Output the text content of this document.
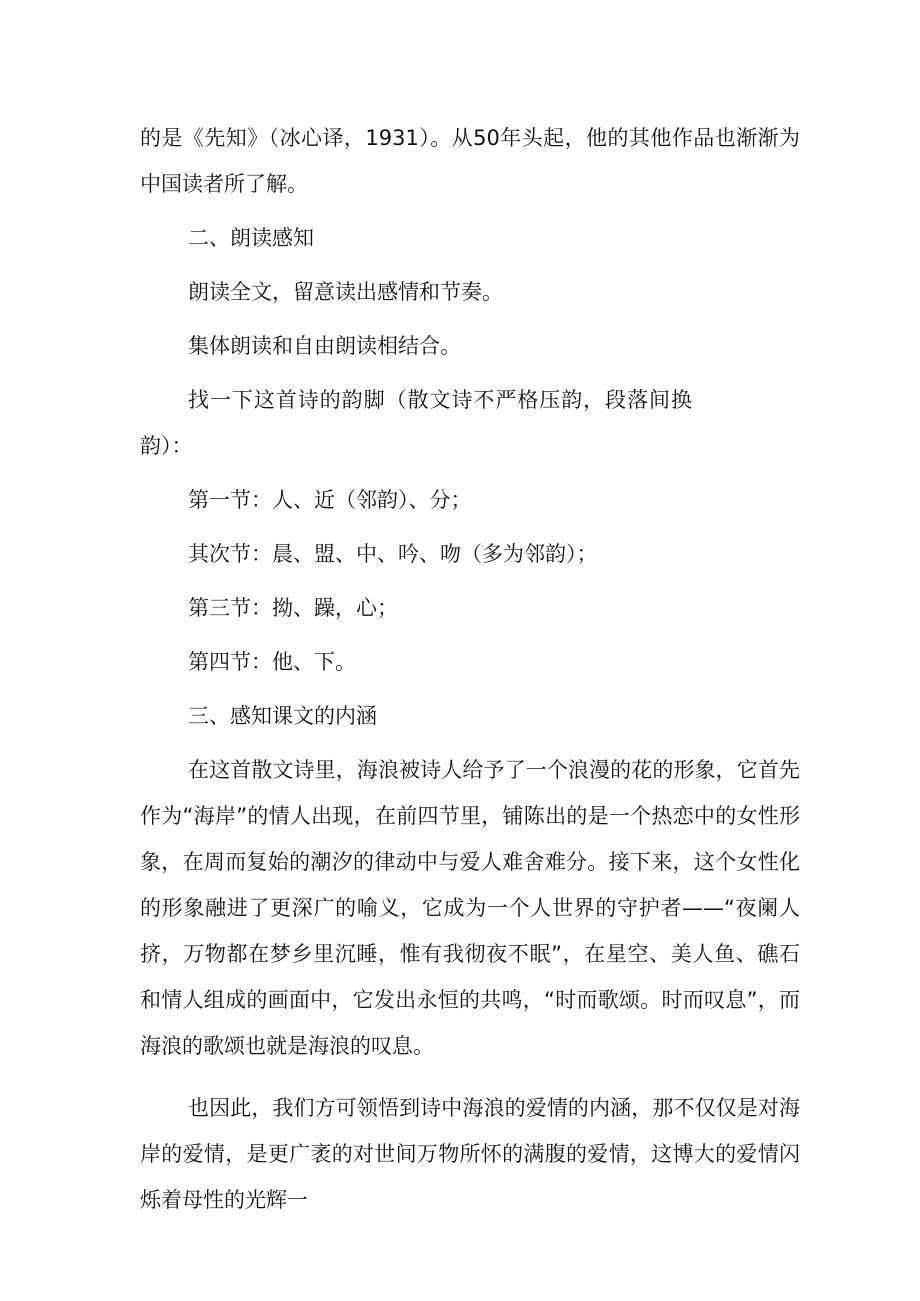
的是《先知》（冰心译，1931）。从50年头起，他的其他作品也渐渐为中国读者所了解。

二、朗读感知

朗读全文，留意读出感情和节奏。

集体朗读和自由朗读相结合。

找一下这首诗的韵脚（散文诗不严格压韵，段落间换韵）：

第一节：人、近（邻韵）、分；

其次节：晨、盟、中、吟、吻（多为邻韵）；

第三节：拗、躁，心；

第四节：他、下。

三、感知课文的内涵

在这首散文诗里，海浪被诗人给予了一个浪漫的花的形象，它首先作为“海岸”的情人出现，在前四节里，铺陈出的是一个热恋中的女性形象，在周而复始的潮汐的律动中与爱人难舍难分。接下来，这个女性化的形象融进了更深广的喻义，它成为一个人世界的守护者——“夜阑人挤，万物都在梦乡里沉睡，惟有我彻夜不眠”，在星空、美人鱼、礁石和情人组成的画面中，它发出永恒的共鸣，“时而歌颂。时而叹息”，而海浪的歌颂也就是海浪的叹息。

也因此，我们方可领悟到诗中海浪的爱情的内涵，那不仅仅是对海岸的爱情，是更广袤的对世间万物所怀的满腹的爱情，这博大的爱情闪烁着母性的光辉一
